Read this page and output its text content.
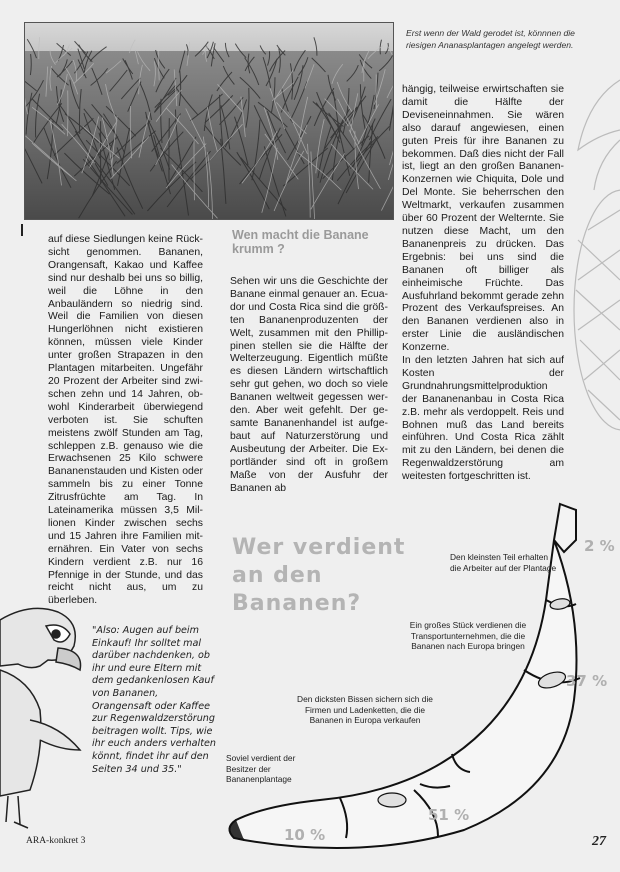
Erst wenn der Wald gerodet ist, könnnen die riesigen Ananasplantagen angelegt werden.

auf diese Siedlungen keine Rücksicht genommen. Bananen, Orangensaft, Kakao und Kaffee sind nur deshalb bei uns so billig, weil die Löhne in den Anbauländern so niedrig sind. Weil die Familien von diesen Hungerlöhnen nicht existieren können, müssen viele Kinder unter großen Strapazen in den Plantagen mitarbeiten. Ungefähr 20 Prozent der Arbeiter sind zwischen zehn und 14 Jahren, obwohl Kinderarbeit überwiegend verboten ist. Sie schuften meistens zwölf Stunden am Tag, schleppen z.B. genauso wie die Erwachsenen 25 Kilo schwere Bananenstauden und Kisten oder sammeln bis zu einer Tonne Zitrusfrüchte am Tag. In Lateinamerika müssen 3,5 Millionen Kinder zwischen sechs und 15 Jahren ihre Familien miternähren. Ein Vater von sechs Kindern verdient z.B. nur 16 Pfennige in der Stunde, und das reicht nicht aus, um zu überleben.

Wen macht die Banane krumm ?

Sehen wir uns die Geschichte der Banane einmal genauer an. Ecuador und Costa Rica sind die größten Bananenproduzenten der Welt, zusammen mit den Phillippinen stellen sie die Hälfte der Welterzeugung. Eigentlich müßte es diesen Ländern wirtschaftlich sehr gut gehen, wo doch so viele Bananen weltweit gegessen werden. Aber weit gefehlt. Der gesamte Bananenhandel ist aufgebaut auf Naturzerstörung und Ausbeutung der Arbeiter. Die Exportländer sind oft in großem Maße von der Ausfuhr der Bananen ab

hängig, teilweise erwirtschaften sie damit die Hälfte der Deviseneinnahmen. Sie wären also darauf angewiesen, einen guten Preis für ihre Bananen zu bekommen. Daß dies nicht der Fall ist, liegt an den großen Bananen-Konzernen wie Chiquita, Dole und Del Monte. Sie beherrschen den Weltmarkt, verkaufen zusammen über 60 Prozent der Welternte. Sie nutzen diese Macht, um den Bananenpreis zu drücken. Das Ergebnis: bei uns sind die Bananen oft billiger als einheimische Früchte. Das Ausfuhrland bekommt gerade zehn Prozent des Verkaufspreises. An den Bananen verdienen also in erster Linie die ausländischen Konzerne.

In den letzten Jahren hat sich auf Kosten der Grundnahrungsmittelproduktion der Bananenanbau in Costa Rica z.B. mehr als verdoppelt. Reis und Bohnen muß das Land bereits einführen. Und Costa Rica zählt mit zu den Ländern, bei denen die Regenwaldzerstörung am weitesten fortgeschritten ist.

Wer verdient
an den
Bananen?
"Also: Augen auf beim Einkauf! Ihr solltet mal darüber nachdenken, ob ihr und eure Eltern mit dem gedankenlosen Kauf von Bananen, Orangensaft oder Kaffee zur Regenwaldzerstörung beitragen wollt. Tips, wie ihr euch anders verhalten könnt, findet ihr auf den Seiten 34 und 35."
Den kleinsten Teil erhalten die Arbeiter auf der Plantage
Ein großes Stück verdienen die Transportunternehmen, die die Bananen nach Europa bringen
Den dicksten Bissen sichern sich die Firmen und Ladenketten, die die Bananen in Europa verkaufen
Soviel verdient der Besitzer der Bananenplantage
2 %
37 %
51 %
10 %
ARA-konkret 3	27
